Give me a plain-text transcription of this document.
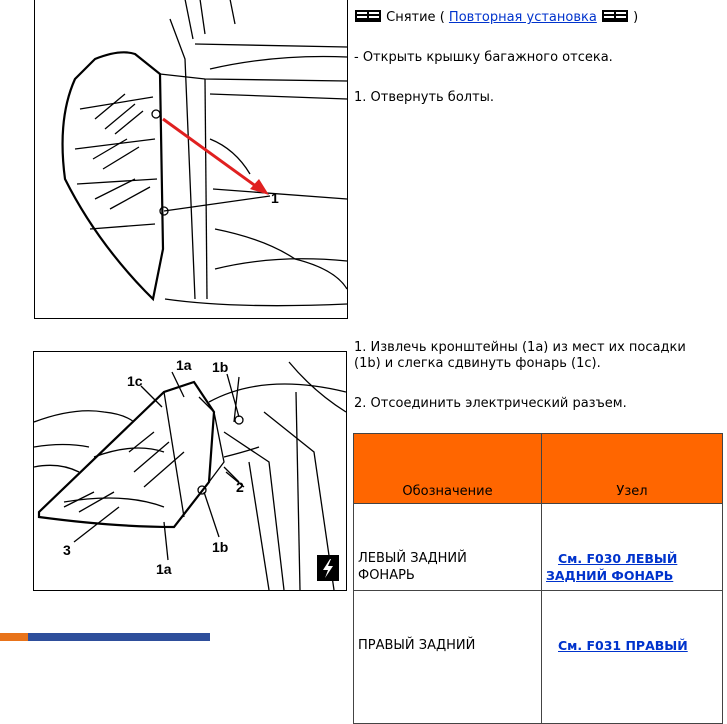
1
Снятие ( Повторная установка	)
- Открыть крышку багажного отсека.
1. Отвернуть болты.
1a 1b
1c
2
1b
3
1a
1. Извлечь кронштейны (1a) из мест их посадки
(1b) и слегка сдвинуть фонарь (1c).
2. Отсоединить электрический разъем.
Обозначение	Узел
ЛЕВЫЙ ЗАДНИЙ
ФОНАРЬ	См. F030 ЛЕВЫЙ
ЗАДНИЙ ФОНАРЬ
ПРАВЫЙ ЗАДНИЙ	См. F031 ПРАВЫЙ
